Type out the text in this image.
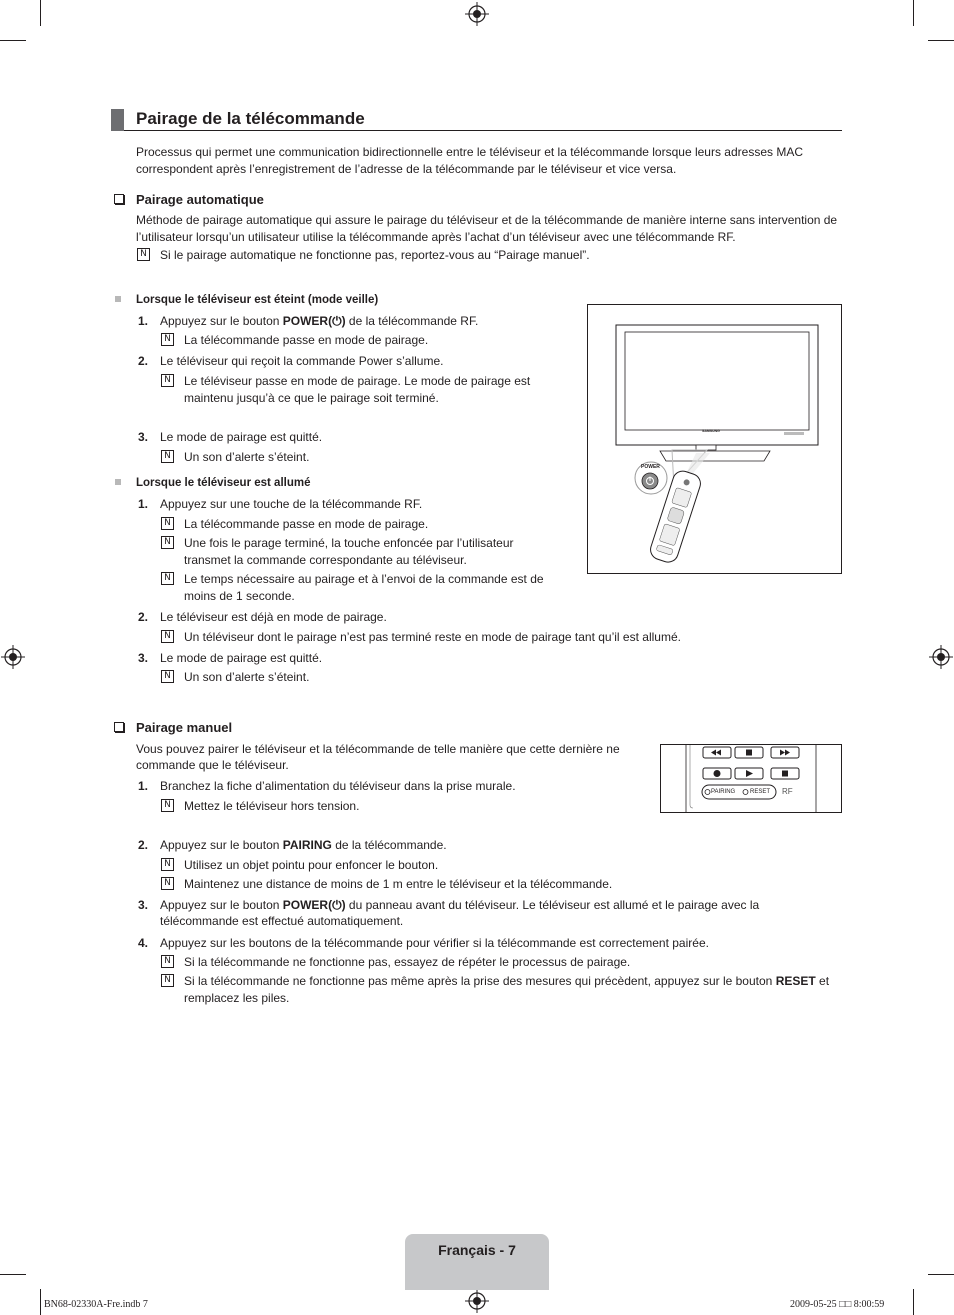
Pairage de la télécommande
Processus qui permet une communication bidirectionnelle entre le téléviseur et la télécommande lorsque leurs adresses MAC correspondent après l’enregistrement de l’adresse de la télécommande par le téléviseur et vice versa.
Pairage automatique
Méthode de pairage automatique qui assure le pairage du téléviseur et de la télécommande de manière interne sans intervention de l’utilisateur lorsqu’un utilisateur utilise la télécommande après l’achat d’un téléviseur avec une télécommande RF.
N Si le pairage automatique ne fonctionne pas, reportez-vous au “Pairage manuel”.
Lorsque le téléviseur est éteint (mode veille)
1. Appuyez sur le bouton POWER(⏻) de la télécommande RF.
N La télécommande passe en mode de pairage.
2. Le téléviseur qui reçoit la commande Power s’allume.
N Le téléviseur passe en mode de pairage. Le mode de pairage est
maintenu jusqu’à ce que le pairage soit terminé.
3. Le mode de pairage est quitté.
N Un son d’alerte s’éteint.
Lorsque le téléviseur est allumé
1. Appuyez sur une touche de la télécommande RF.
N La télécommande passe en mode de pairage.
N Une fois le parage terminé, la touche enfoncée par l’utilisateur
transmet la commande correspondante au téléviseur.
N Le temps nécessaire au pairage et à l’envoi de la commande est de
moins de 1 seconde.
2. Le téléviseur est déjà en mode de pairage.
N Un téléviseur dont le pairage n’est pas terminé reste en mode de pairage tant qu’il est allumé.
3. Le mode de pairage est quitté.
N Un son d’alerte s’éteint.
SAMSUNG
POWER
Pairage manuel
Vous pouvez pairer le téléviseur et la télécommande de telle manière que cette dernière ne
commande que le téléviseur.
1. Branchez la fiche d’alimentation du téléviseur dans la prise murale.
N Mettez le téléviseur hors tension.
2. Appuyez sur le bouton PAIRING de la télécommande.
N Utilisez un objet pointu pour enfoncer le bouton.
N Maintenez une distance de moins de 1 m entre le téléviseur et la télécommande.
3. Appuyez sur le bouton POWER(⏻) du panneau avant du téléviseur. Le téléviseur est allumé et le pairage avec la
télécommande est effectué automatiquement.
4. Appuyez sur les boutons de la télécommande pour vérifier si la télécommande est correctement pairée.
N Si la télécommande ne fonctionne pas, essayez de répéter le processus de pairage.
N Si la télécommande ne fonctionne pas même après la prise des mesures qui précèdent, appuyez sur le bouton RESET et
remplacez les piles.
PAIRING RESET RF
Français - 7
BN68-02330A-Fre.indb 7	2009-05-25 □□ 8:00:59
